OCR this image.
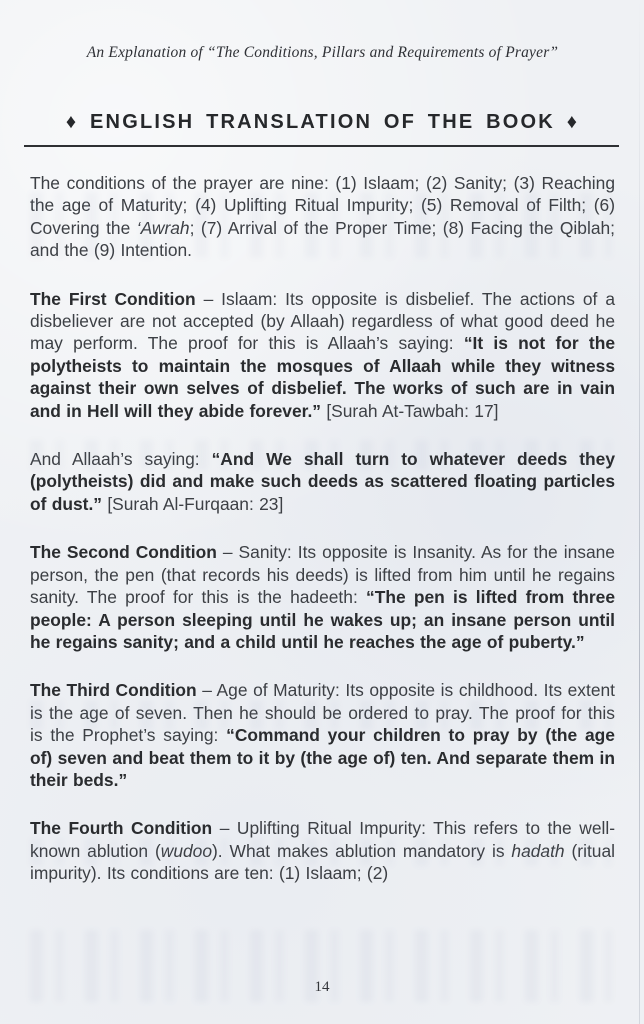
An Explanation of “The Conditions, Pillars and Requirements of Prayer”
♦ ENGLISH TRANSLATION OF THE BOOK ♦

The conditions of the prayer are nine: (1) Islaam; (2) Sanity; (3) Reaching the age of Maturity; (4) Uplifting Ritual Impurity; (5) Removal of Filth; (6) Covering the ‘Awrah; (7) Arrival of the Proper Time; (8) Facing the Qiblah; and the (9) Intention.

The First Condition – Islaam: Its opposite is disbelief. The actions of a disbeliever are not accepted (by Allaah) regardless of what good deed he may perform. The proof for this is Allaah’s saying: “It is not for the polytheists to maintain the mosques of Allaah while they witness against their own selves of disbelief. The works of such are in vain and in Hell will they abide forever.” [Surah At-Tawbah: 17]

And Allaah’s saying: “And We shall turn to whatever deeds they (polytheists) did and make such deeds as scattered floating particles of dust.” [Surah Al-Furqaan: 23]

The Second Condition – Sanity: Its opposite is Insanity. As for the insane person, the pen (that records his deeds) is lifted from him until he regains sanity. The proof for this is the hadeeth: “The pen is lifted from three people: A person sleeping until he wakes up; an insane person until he regains sanity; and a child until he reaches the age of puberty.”

The Third Condition – Age of Maturity: Its opposite is childhood. Its extent is the age of seven. Then he should be ordered to pray. The proof for this is the Prophet’s saying: “Command your children to pray by (the age of) seven and beat them to it by (the age of) ten. And separate them in their beds.”

The Fourth Condition – Uplifting Ritual Impurity: This refers to the well-known ablution (wudoo). What makes ablution mandatory is hadath (ritual impurity). Its conditions are ten: (1) Islaam; (2)

14
